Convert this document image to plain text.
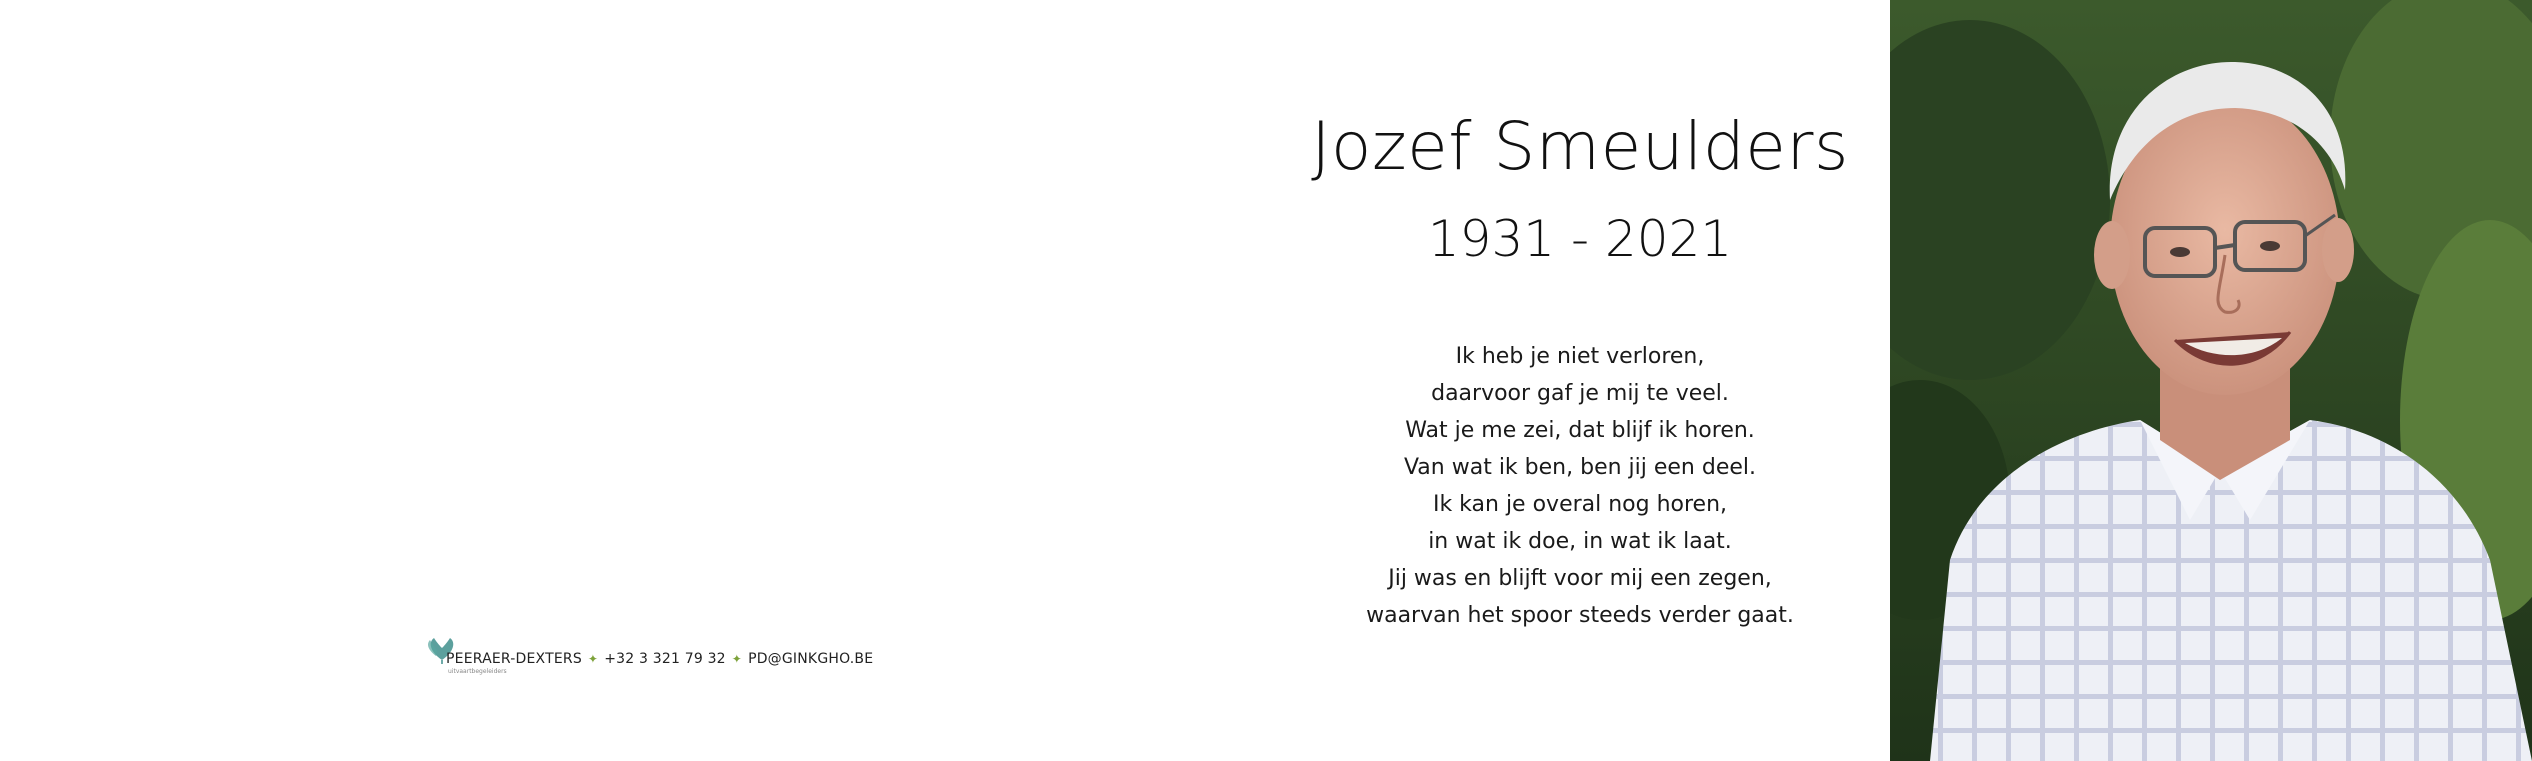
Jozef Smeulders
1931 - 2021
Ik heb je niet verloren,
daarvoor gaf je mij te veel.
Wat je me zei, dat blijf ik horen.
Van wat ik ben, ben jij een deel.
Ik kan je overal nog horen,
in wat ik doe, in wat ik laat.
Jij was en blijft voor mij een zegen,
waarvan het spoor steeds verder gaat.
PEERAER-DEXTERS ✦ +32 3 321 79 32 ✦ PD@GINKGHO.BE
uitvaartbegeleiders
